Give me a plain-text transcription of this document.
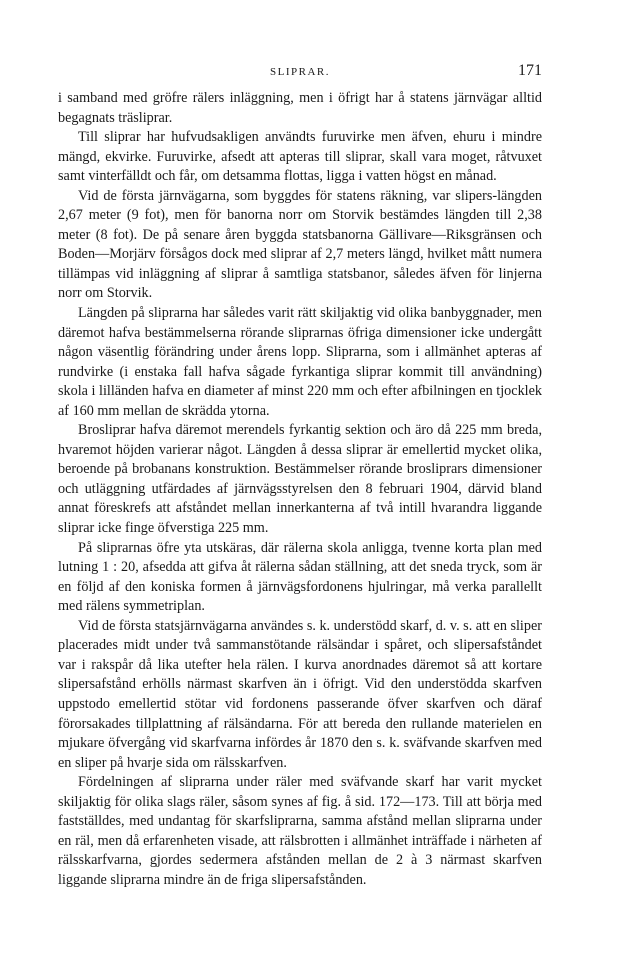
SLIPRAR.	171

i samband med gröfre rälers inläggning, men i öfrigt har å statens järnvägar alltid begagnats träsliprar.

Till sliprar har hufvudsakligen användts furuvirke men äfven, ehuru i mindre mängd, ekvirke. Furuvirke, afsedt att apteras till sliprar, skall vara moget, råtvuxet samt vinterfälldt och får, om detsamma flottas, ligga i vatten högst en månad.

Vid de första järnvägarna, som byggdes för statens räkning, var slipers-längden 2,67 meter (9 fot), men för banorna norr om Storvik bestämdes längden till 2,38 meter (8 fot). De på senare åren byggda statsbanorna Gällivare—Riksgränsen och Boden—Morjärv försågos dock med sliprar af 2,7 meters längd, hvilket mått numera tillämpas vid inläggning af sliprar å samtliga statsbanor, således äfven för linjerna norr om Storvik.

Längden på sliprarna har således varit rätt skiljaktig vid olika banbyggnader, men däremot hafva bestämmelserna rörande sliprarnas öfriga dimensioner icke undergått någon väsentlig förändring under årens lopp. Sliprarna, som i allmänhet apteras af rundvirke (i enstaka fall hafva sågade fyrkantiga sliprar kommit till användning) skola i lilländen hafva en diameter af minst 220 mm och efter afbilningen en tjocklek af 160 mm mellan de skrädda ytorna.

Brosliprar hafva däremot merendels fyrkantig sektion och äro då 225 mm breda, hvaremot höjden varierar något. Längden å dessa sliprar är emellertid mycket olika, beroende på brobanans konstruktion. Bestämmelser rörande brosliprars dimensioner och utläggning utfärdades af järnvägsstyrelsen den 8 februari 1904, därvid bland annat föreskrefs att afståndet mellan innerkanterna af två intill hvarandra liggande sliprar icke finge öfverstiga 225 mm.

På sliprarnas öfre yta utskäras, där rälerna skola anligga, tvenne korta plan med lutning 1 : 20, afsedda att gifva åt rälerna sådan ställning, att det sneda tryck, som är en följd af den koniska formen å järnvägsfordonens hjulringar, må verka parallellt med rälens symmetriplan.

Vid de första statsjärnvägarna användes s. k. understödd skarf, d. v. s. att en sliper placerades midt under två sammanstötande rälsändar i spåret, och slipersafståndet var i rakspår då lika utefter hela rälen. I kurva anordnades däremot så att kortare slipersafstånd erhölls närmast skarfven än i öfrigt. Vid den understödda skarfven uppstodo emellertid stötar vid fordonens passerande öfver skarfven och däraf förorsakades tillplattning af rälsändarna. För att bereda den rullande materielen en mjukare öfvergång vid skarfvarna infördes år 1870 den s. k. sväfvande skarfven med en sliper på hvarje sida om rälsskarfven.

Fördelningen af sliprarna under räler med sväfvande skarf har varit mycket skiljaktig för olika slags räler, såsom synes af fig. å sid. 172—173. Till att börja med fastställdes, med undantag för skarfsliprarna, samma afstånd mellan sliprarna under en räl, men då erfarenheten visade, att rälsbrotten i allmänhet inträffade i närheten af rälsskarfvarna, gjordes sedermera afstånden mellan de 2 à 3 närmast skarfven liggande sliprarna mindre än de friga slipersafstånden.
